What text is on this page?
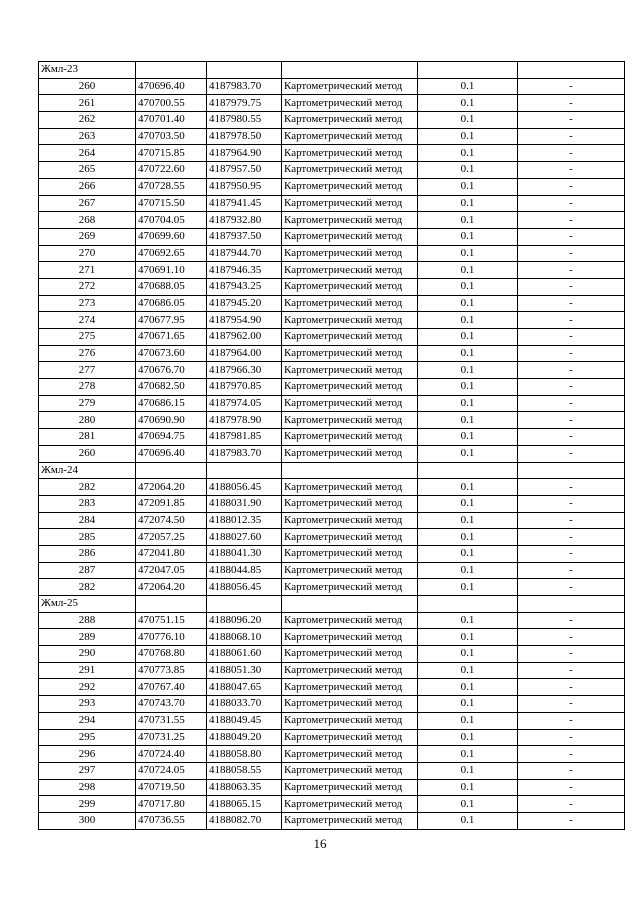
Жмл-23					
260	470696.40	4187983.70	Картометрический метод	0.1	-
261	470700.55	4187979.75	Картометрический метод	0.1	-
262	470701.40	4187980.55	Картометрический метод	0.1	-
263	470703.50	4187978.50	Картометрический метод	0.1	-
264	470715.85	4187964.90	Картометрический метод	0.1	-
265	470722.60	4187957.50	Картометрический метод	0.1	-
266	470728.55	4187950.95	Картометрический метод	0.1	-
267	470715.50	4187941.45	Картометрический метод	0.1	-
268	470704.05	4187932.80	Картометрический метод	0.1	-
269	470699.60	4187937.50	Картометрический метод	0.1	-
270	470692.65	4187944.70	Картометрический метод	0.1	-
271	470691.10	4187946.35	Картометрический метод	0.1	-
272	470688.05	4187943.25	Картометрический метод	0.1	-
273	470686.05	4187945.20	Картометрический метод	0.1	-
274	470677.95	4187954.90	Картометрический метод	0.1	-
275	470671.65	4187962.00	Картометрический метод	0.1	-
276	470673.60	4187964.00	Картометрический метод	0.1	-
277	470676.70	4187966.30	Картометрический метод	0.1	-
278	470682.50	4187970.85	Картометрический метод	0.1	-
279	470686.15	4187974.05	Картометрический метод	0.1	-
280	470690.90	4187978.90	Картометрический метод	0.1	-
281	470694.75	4187981.85	Картометрический метод	0.1	-
260	470696.40	4187983.70	Картометрический метод	0.1	-
Жмл-24					
282	472064.20	4188056.45	Картометрический метод	0.1	-
283	472091.85	4188031.90	Картометрический метод	0.1	-
284	472074.50	4188012.35	Картометрический метод	0.1	-
285	472057.25	4188027.60	Картометрический метод	0.1	-
286	472041.80	4188041.30	Картометрический метод	0.1	-
287	472047.05	4188044.85	Картометрический метод	0.1	-
282	472064.20	4188056.45	Картометрический метод	0.1	-
Жмл-25					
288	470751.15	4188096.20	Картометрический метод	0.1	-
289	470776.10	4188068.10	Картометрический метод	0.1	-
290	470768.80	4188061.60	Картометрический метод	0.1	-
291	470773.85	4188051.30	Картометрический метод	0.1	-
292	470767.40	4188047.65	Картометрический метод	0.1	-
293	470743.70	4188033.70	Картометрический метод	0.1	-
294	470731.55	4188049.45	Картометрический метод	0.1	-
295	470731.25	4188049.20	Картометрический метод	0.1	-
296	470724.40	4188058.80	Картометрический метод	0.1	-
297	470724.05	4188058.55	Картометрический метод	0.1	-
298	470719.50	4188063.35	Картометрический метод	0.1	-
299	470717.80	4188065.15	Картометрический метод	0.1	-
300	470736.55	4188082.70	Картометрический метод	0.1	-
16
